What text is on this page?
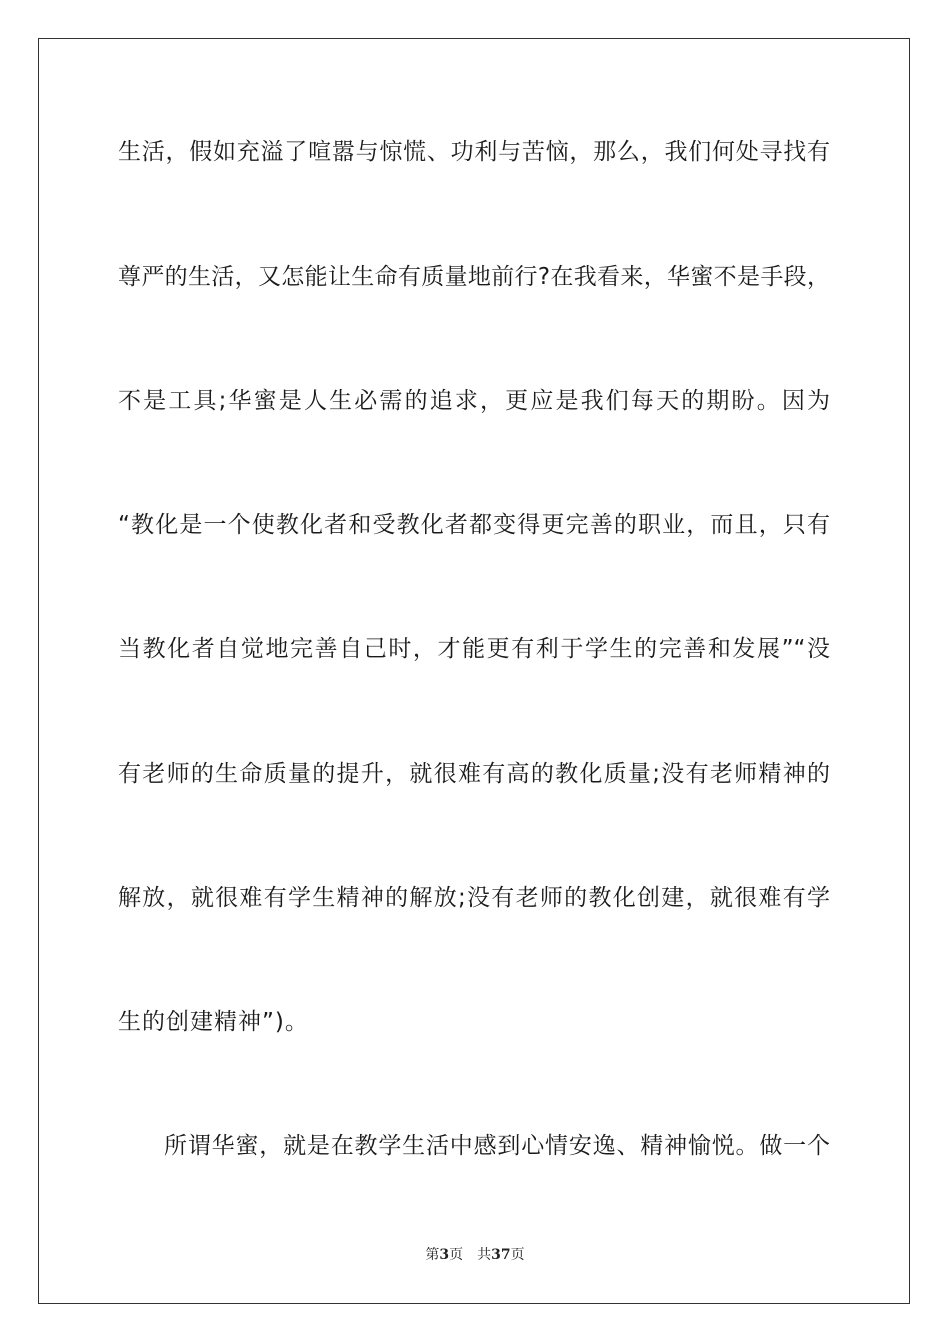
生活，假如充溢了喧嚣与惊慌、功利与苦恼，那么，我们何处寻找有
尊严的生活，又怎能让生命有质量地前行?在我看来，华蜜不是手段，
不是工具;华蜜是人生必需的追求，更应是我们每天的期盼。因为
“教化是一个使教化者和受教化者都变得更完善的职业，而且，只有
当教化者自觉地完善自己时，才能更有利于学生的完善和发展”“没
有老师的生命质量的提升，就很难有高的教化质量;没有老师精神的
解放，就很难有学生精神的解放;没有老师的教化创建，就很难有学
生的创建精神”)。
所谓华蜜，就是在教学生活中感到心情安逸、精神愉悦。做一个
第3页 共37页
